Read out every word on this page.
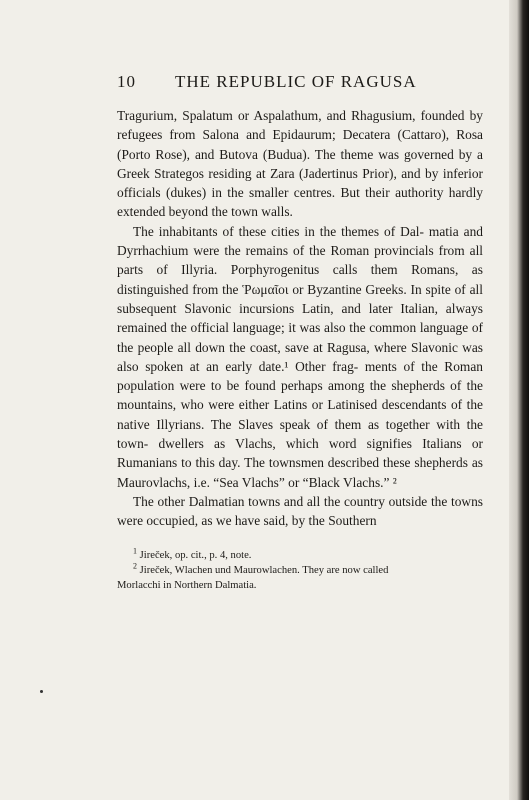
10 THE REPUBLIC OF RAGUSA

Tragurium, Spalatum or Aspalathum, and Rhagusium, founded by refugees from Salona and Epidaurum; Decatera (Cattaro), Rosa (Porto Rose), and Butova (Budua). The theme was governed by a Greek Strategos residing at Zara (Jadertinus Prior), and by inferior officials (dukes) in the smaller centres. But their authority hardly extended beyond the town walls.

The inhabitants of these cities in the themes of Dal- matia and Dyrrhachium were the remains of the Roman provincials from all parts of Illyria. Porphyrogenitus calls them Romans, as distinguished from the Ῥωμαῖοι or Byzantine Greeks. In spite of all subsequent Slavonic incursions Latin, and later Italian, always remained the official language; it was also the common language of the people all down the coast, save at Ragusa, where Slavonic was also spoken at an early date.¹ Other frag- ments of the Roman population were to be found perhaps among the shepherds of the mountains, who were either Latins or Latinised descendants of the native Illyrians. The Slaves speak of them as together with the town- dwellers as Vlachs, which word signifies Italians or Rumanians to this day. The townsmen described these shepherds as Maurovlachs, i.e. “Sea Vlachs” or “Black Vlachs.” ²

The other Dalmatian towns and all the country outside the towns were occupied, as we have said, by the Southern

$^1$ Jireček, op. cit., p. 4, note.

$^2$ Jireček, Wlachen und Maurowlachen. They are now called

Morlacchi in Northern Dalmatia.
